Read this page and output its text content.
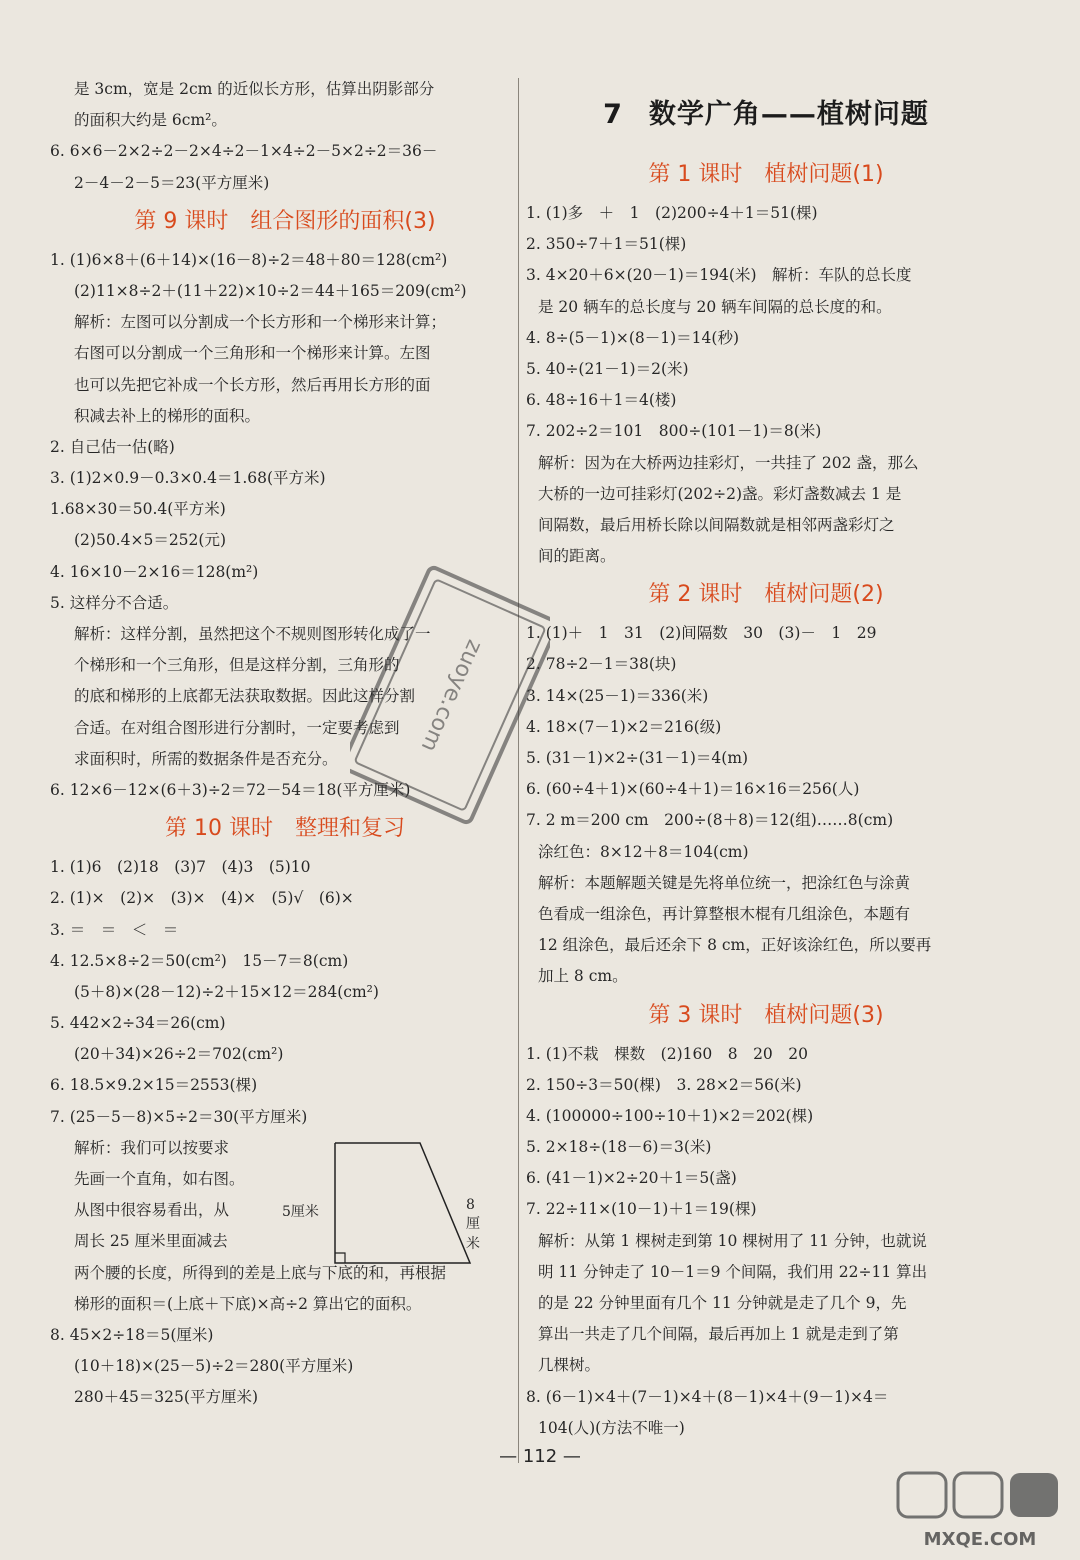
是 3cm，宽是 2cm 的近似长方形，估算出阴影部分
的面积大约是 6cm²。
6. 6×6－2×2÷2－2×4÷2－1×4÷2－5×2÷2＝36－
2－4－2－5＝23(平方厘米)
第 9 课时　组合图形的面积(3)
1. (1)6×8＋(6＋14)×(16－8)÷2＝48＋80＝128(cm²)
(2)11×8÷2＋(11＋22)×10÷2＝44＋165＝209(cm²)
解析：左图可以分割成一个长方形和一个梯形来计算；
右图可以分割成一个三角形和一个梯形来计算。左图
也可以先把它补成一个长方形，然后再用长方形的面
积减去补上的梯形的面积。
2. 自己估一估(略)
3. (1)2×0.9－0.3×0.4＝1.68(平方米)
1.68×30＝50.4(平方米)
(2)50.4×5＝252(元)
4. 16×10－2×16＝128(m²)
5. 这样分不合适。
解析：这样分割，虽然把这个不规则图形转化成了一
个梯形和一个三角形，但是这样分割，三角形的
的底和梯形的上底都无法获取数据。因此这样分割
合适。在对组合图形进行分割时，一定要考虑到
求面积时，所需的数据条件是否充分。
6. 12×6－12×(6＋3)÷2＝72－54＝18(平方厘米)
第 10 课时　整理和复习
1. (1)6　(2)18　(3)7　(4)3　(5)10
2. (1)×　(2)×　(3)×　(4)×　(5)√　(6)×
3. ＝　＝　＜　＝
4. 12.5×8÷2＝50(cm²)　15－7＝8(cm)
(5＋8)×(28－12)÷2＋15×12＝284(cm²)
5. 442×2÷34＝26(cm)
(20＋34)×26÷2＝702(cm²)
6. 18.5×9.2×15＝2553(棵)
7. (25－5－8)×5÷2＝30(平方厘米)
解析：我们可以按要求
先画一个直角，如右图。
从图中很容易看出，从
周长 25 厘米里面减去
两个腰的长度，所得到的差是上底与下底的和，再根据
梯形的面积＝(上底＋下底)×高÷2 算出它的面积。
8. 45×2÷18＝5(厘米)
(10＋18)×(25－5)÷2＝280(平方厘米)
280＋45＝325(平方厘米)
5厘米	8厘米
7 数学广角——植树问题
第 1 课时　植树问题(1)
1. (1)多　＋　1　(2)200÷4＋1＝51(棵)
2. 350÷7＋1＝51(棵)
3. 4×20＋6×(20－1)＝194(米)　解析：车队的总长度
是 20 辆车的总长度与 20 辆车间隔的总长度的和。
4. 8÷(5－1)×(8－1)＝14(秒)
5. 40÷(21－1)＝2(米)
6. 48÷16＋1＝4(楼)
7. 202÷2＝101　800÷(101－1)＝8(米)
解析：因为在大桥两边挂彩灯，一共挂了 202 盏，那么
大桥的一边可挂彩灯(202÷2)盏。彩灯盏数减去 1 是
间隔数，最后用桥长除以间隔数就是相邻两盏彩灯之
间的距离。
第 2 课时　植树问题(2)
1. (1)＋　1　31　(2)间隔数　30　(3)－　1　29
2. 78÷2－1＝38(块)
3. 14×(25－1)＝336(米)
4. 18×(7－1)×2＝216(级)
5. (31－1)×2÷(31－1)＝4(m)
6. (60÷4＋1)×(60÷4＋1)＝16×16＝256(人)
7. 2 m＝200 cm　200÷(8＋8)＝12(组)……8(cm)
涂红色：8×12＋8＝104(cm)
解析：本题解题关键是先将单位统一，把涂红色与涂黄
色看成一组涂色，再计算整根木棍有几组涂色，本题有
12 组涂色，最后还余下 8 cm，正好该涂红色，所以要再
加上 8 cm。
第 3 课时　植树问题(3)
1. (1)不栽　棵数　(2)160　8　20　20
2. 150÷3＝50(棵)　3. 28×2＝56(米)
4. (100000÷100÷10＋1)×2＝202(棵)
5. 2×18÷(18－6)＝3(米)
6. (41－1)×2÷20＋1＝5(盏)
7. 22÷11×(10－1)＋1＝19(棵)
解析：从第 1 棵树走到第 10 棵树用了 11 分钟，也就说
明 11 分钟走了 10－1＝9 个间隔，我们用 22÷11 算出
的是 22 分钟里面有几个 11 分钟就是走了几个 9，先
算出一共走了几个间隔，最后再加上 1 就是走到了第
几棵树。
8. (6－1)×4＋(7－1)×4＋(8－1)×4＋(9－1)×4＝
104(人)(方法不唯一)
— 112 —
zuoye.com
MXQE.COM
